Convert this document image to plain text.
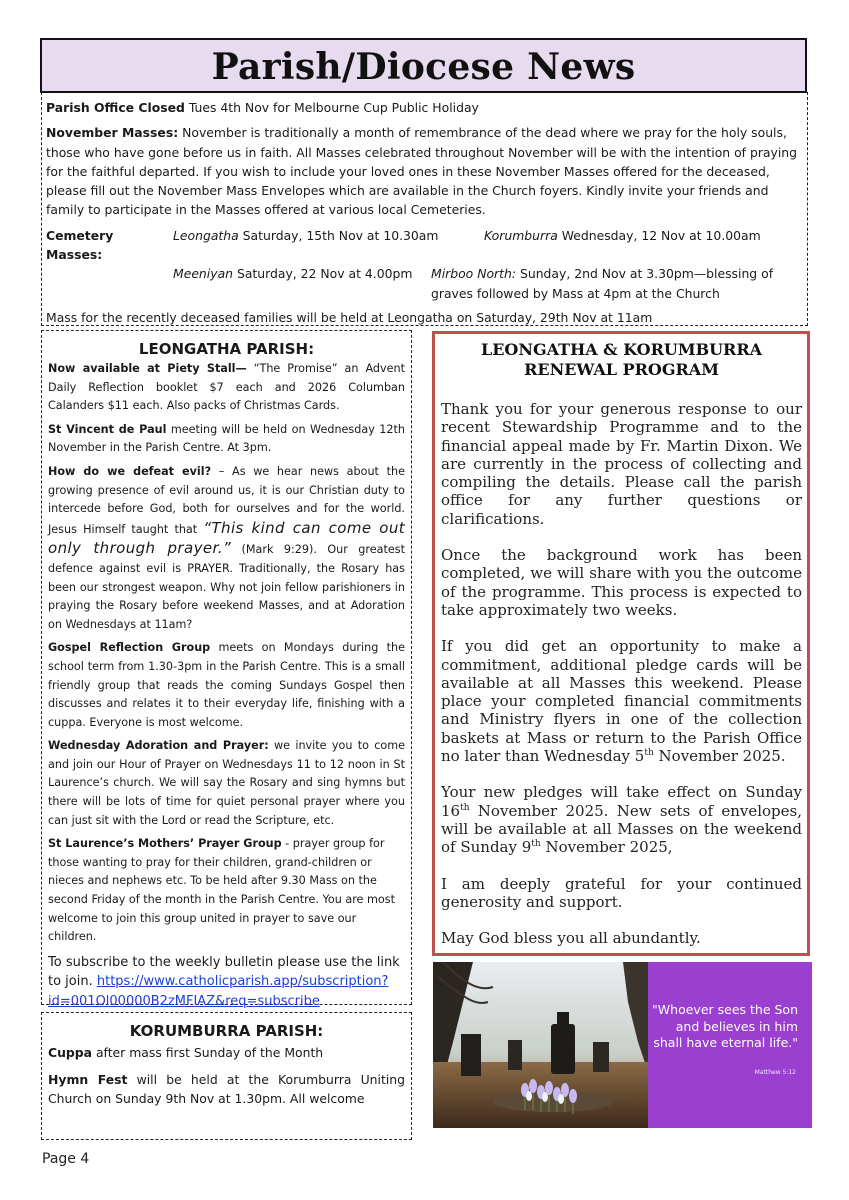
Parish/Diocese News

Parish Office Closed Tues 4th Nov for Melbourne Cup Public Holiday

November Masses: November is traditionally a month of remembrance of the dead where we pray for the holy souls, those who have gone before us in faith. All Masses celebrated throughout November will be with the intention of praying for the faithful departed. If you wish to include your loved ones in these November Masses offered for the deceased, please fill out the November Mass Envelopes which are available in the Church foyers. Kindly invite your friends and family to participate in the Masses offered at various local Cemeteries.

Cemetery Masses:
Leongatha Saturday, 15th Nov at 10.30am	Korumburra Wednesday, 12 Nov at 10.00am
Meeniyan Saturday, 22 Nov at 4.00pm	Mirboo North: Sunday, 2nd Nov at 3.30pm—blessing of
graves followed by Mass at 4pm at the Church

Mass for the recently deceased families will be held at Leongatha on Saturday, 29th Nov at 11am

LEONGATHA PARISH:

Now available at Piety Stall— “The Promise” an Advent Daily Reflection booklet $7 each and 2026 Columban Calanders $11 each. Also packs of Christmas Cards.

St Vincent de Paul meeting will be held on Wednesday 12th November in the Parish Centre. At 3pm.

How do we defeat evil? – As we hear news about the growing presence of evil around us, it is our Christian duty to intercede before God, both for ourselves and for the world. Jesus Himself taught that “This kind can come out only through prayer.” (Mark 9:29). Our greatest defence against evil is PRAYER. Traditionally, the Rosary has been our strongest weapon. Why not join fellow parishioners in praying the Rosary before weekend Masses, and at Adoration on Wednesdays at 11am?

Gospel Reflection Group meets on Mondays during the school term from 1.30-3pm in the Parish Centre. This is a small friendly group that reads the coming Sundays Gospel then discusses and relates it to their everyday life, finishing with a cuppa. Everyone is most welcome.

Wednesday Adoration and Prayer: we invite you to come and join our Hour of Prayer on Wednesdays 11 to 12 noon in St Laurence’s church. We will say the Rosary and sing hymns but there will be lots of time for quiet personal prayer where you can just sit with the Lord or read the Scripture, etc.

St Laurence’s Mothers’ Prayer Group - prayer group for those wanting to pray for their children, grand-children or nieces and nephews etc. To be held after 9.30 Mass on the second Friday of the month in the Parish Centre. You are most welcome to join this group united in prayer to save our children.

To subscribe to the weekly bulletin please use the link to join. https://www.catholicparish.app/subscription?id=001Ol00000B2zMFIAZ&req=subscribe

KORUMBURRA PARISH:

Cuppa after mass first Sunday of the Month

Hymn Fest will be held at the Korumburra Uniting Church on Sunday 9th Nov at 1.30pm. All welcome

LEONGATHA & KORUMBURRA
RENEWAL PROGRAM

Thank you for your generous response to our recent Stewardship Programme and to the financial appeal made by Fr. Martin Dixon. We are currently in the process of collecting and compiling the details. Please call the parish office for any further questions or clarifications.

Once the background work has been completed, we will share with you the outcome of the programme. This process is expected to take approximately two weeks.

If you did get an opportunity to make a commitment, additional pledge cards will be available at all Masses this weekend. Please place your completed financial commitments and Ministry flyers in one of the collection baskets at Mass or return to the Parish Office no later than Wednesday 5th November 2025.

Your new pledges will take effect on Sunday 16th November 2025. New sets of envelopes, will be available at all Masses on the weekend of Sunday 9th November 2025,

I am deeply grateful for your continued generosity and support.

May God bless you all abundantly.

"Whoever sees the Son and believes in him shall have eternal life."
Matthew 5:12
Page 4
